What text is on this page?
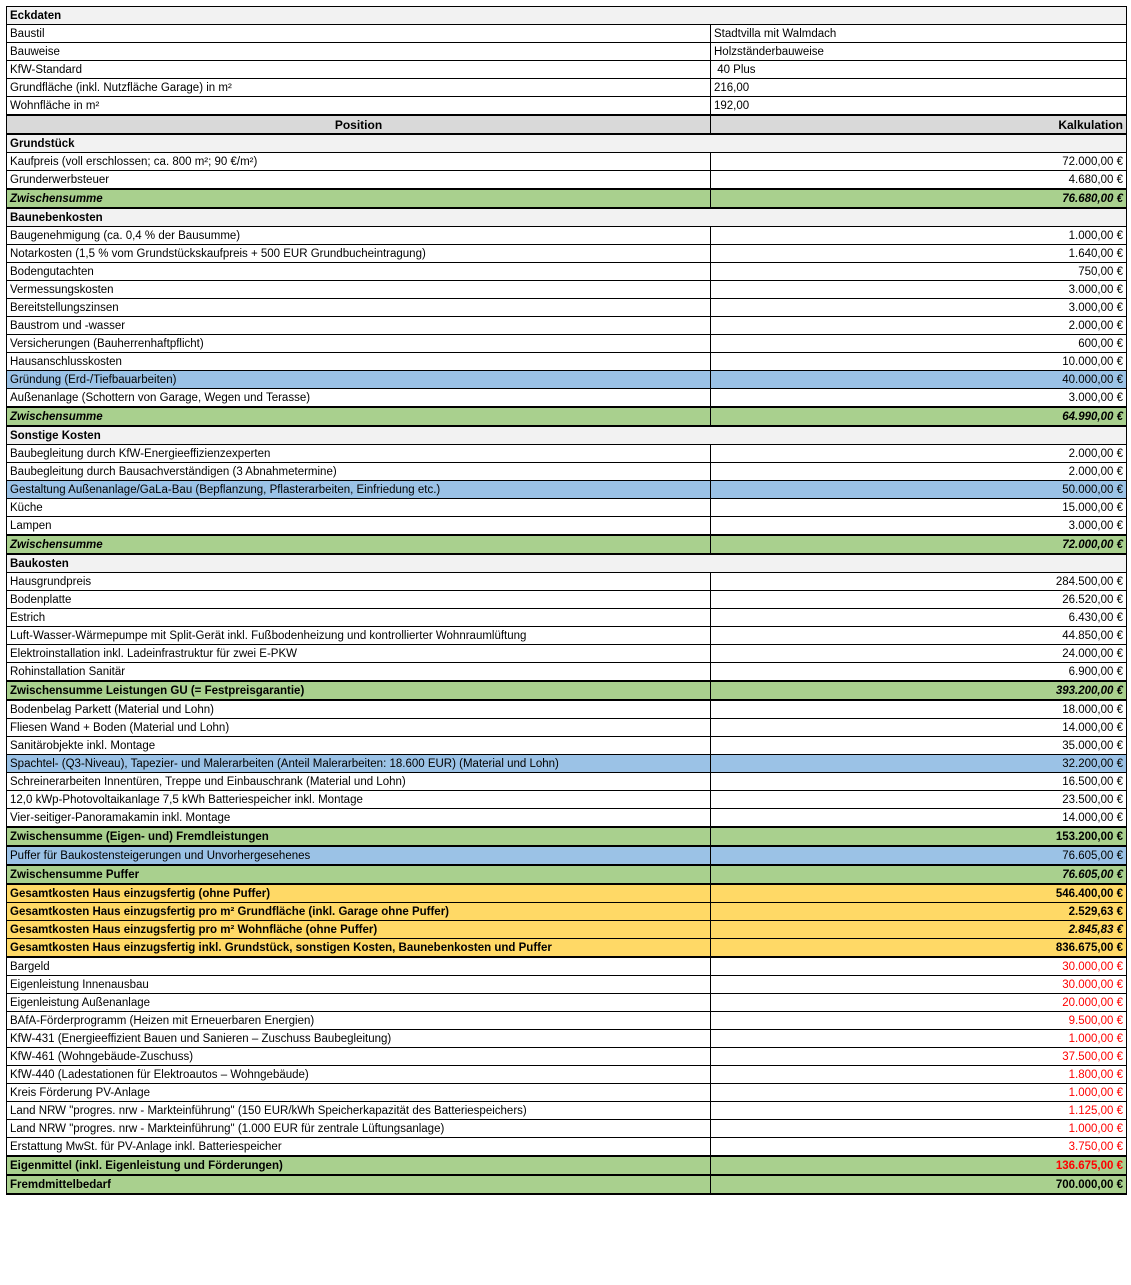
Eckdaten	
Baustil	Stadtvilla mit Walmdach
Bauweise	Holzständerbauweise
KfW-Standard	40 Plus
Grundfläche (inkl. Nutzfläche Garage) in m²	216,00
Wohnfläche in m²	192,00
Position	Kalkulation
Grundstück	
Kaufpreis (voll erschlossen; ca. 800 m²; 90 €/m²)	72.000,00 €
Grunderwerbsteuer	4.680,00 €
Zwischensumme	76.680,00 €
Baunebenkosten	
Baugenehmigung (ca. 0,4 % der Bausumme)	1.000,00 €
Notarkosten (1,5 % vom Grundstückskaufpreis + 500 EUR Grundbucheintragung)	1.640,00 €
Bodengutachten	750,00 €
Vermessungskosten	3.000,00 €
Bereitstellungszinsen	3.000,00 €
Baustrom und -wasser	2.000,00 €
Versicherungen (Bauherrenhaftpflicht)	600,00 €
Hausanschlusskosten	10.000,00 €
Gründung (Erd-/Tiefbauarbeiten)	40.000,00 €
Außenanlage (Schottern von Garage, Wegen und Terasse)	3.000,00 €
Zwischensumme	64.990,00 €
Sonstige Kosten	
Baubegleitung durch KfW-Energieeffizienzexperten	2.000,00 €
Baubegleitung durch Bausachverständigen (3 Abnahmetermine)	2.000,00 €
Gestaltung Außenanlage/GaLa-Bau (Bepflanzung, Pflasterarbeiten, Einfriedung etc.)	50.000,00 €
Küche	15.000,00 €
Lampen	3.000,00 €
Zwischensumme	72.000,00 €
Baukosten	
Hausgrundpreis	284.500,00 €
Bodenplatte	26.520,00 €
Estrich	6.430,00 €
Luft-Wasser-Wärmepumpe mit Split-Gerät inkl. Fußbodenheizung und kontrollierter Wohnraumlüftung	44.850,00 €
Elektroinstallation inkl. Ladeinfrastruktur für zwei E-PKW	24.000,00 €
Rohinstallation Sanitär	6.900,00 €
Zwischensumme Leistungen GU (= Festpreisgarantie)	393.200,00 €
Bodenbelag Parkett (Material und Lohn)	18.000,00 €
Fliesen Wand + Boden (Material und Lohn)	14.000,00 €
Sanitärobjekte inkl. Montage	35.000,00 €
Spachtel- (Q3-Niveau), Tapezier- und Malerarbeiten (Anteil Malerarbeiten: 18.600 EUR) (Material und Lohn)	32.200,00 €
Schreinerarbeiten Innentüren, Treppe und Einbauschrank (Material und Lohn)	16.500,00 €
12,0 kWp-Photovoltaikanlage 7,5 kWh Batteriespeicher inkl. Montage	23.500,00 €
Vier-seitiger-Panoramakamin inkl. Montage	14.000,00 €
Zwischensumme (Eigen- und) Fremdleistungen	153.200,00 €
Puffer für Baukostensteigerungen und Unvorhergesehenes	76.605,00 €
Zwischensumme Puffer	76.605,00 €
Gesamtkosten Haus einzugsfertig (ohne Puffer)	546.400,00 €
Gesamtkosten Haus einzugsfertig pro m² Grundfläche (inkl. Garage ohne Puffer)	2.529,63 €
Gesamtkosten Haus einzugsfertig pro m² Wohnfläche (ohne Puffer)	2.845,83 €
Gesamtkosten Haus einzugsfertig inkl. Grundstück, sonstigen Kosten, Baunebenkosten und Puffer	836.675,00 €
Bargeld	30.000,00 €
Eigenleistung Innenausbau	30.000,00 €
Eigenleistung Außenanlage	20.000,00 €
BAfA-Förderprogramm (Heizen mit Erneuerbaren Energien)	9.500,00 €
KfW-431 (Energieeffizient Bauen und Sanieren – Zuschuss Baubegleitung)	1.000,00 €
KfW-461 (Wohngebäude-Zuschuss)	37.500,00 €
KfW-440 (Ladestationen für Elektroautos – Wohngebäude)	1.800,00 €
Kreis Förderung PV-Anlage	1.000,00 €
Land NRW "progres. nrw - Markteinführung" (150 EUR/kWh Speicherkapazität des Batteriespeichers)	1.125,00 €
Land NRW "progres. nrw - Markteinführung" (1.000 EUR für zentrale Lüftungsanlage)	1.000,00 €
Erstattung MwSt. für PV-Anlage inkl. Batteriespeicher	3.750,00 €
Eigenmittel (inkl. Eigenleistung und Förderungen)	136.675,00 €
Fremdmittelbedarf	700.000,00 €
